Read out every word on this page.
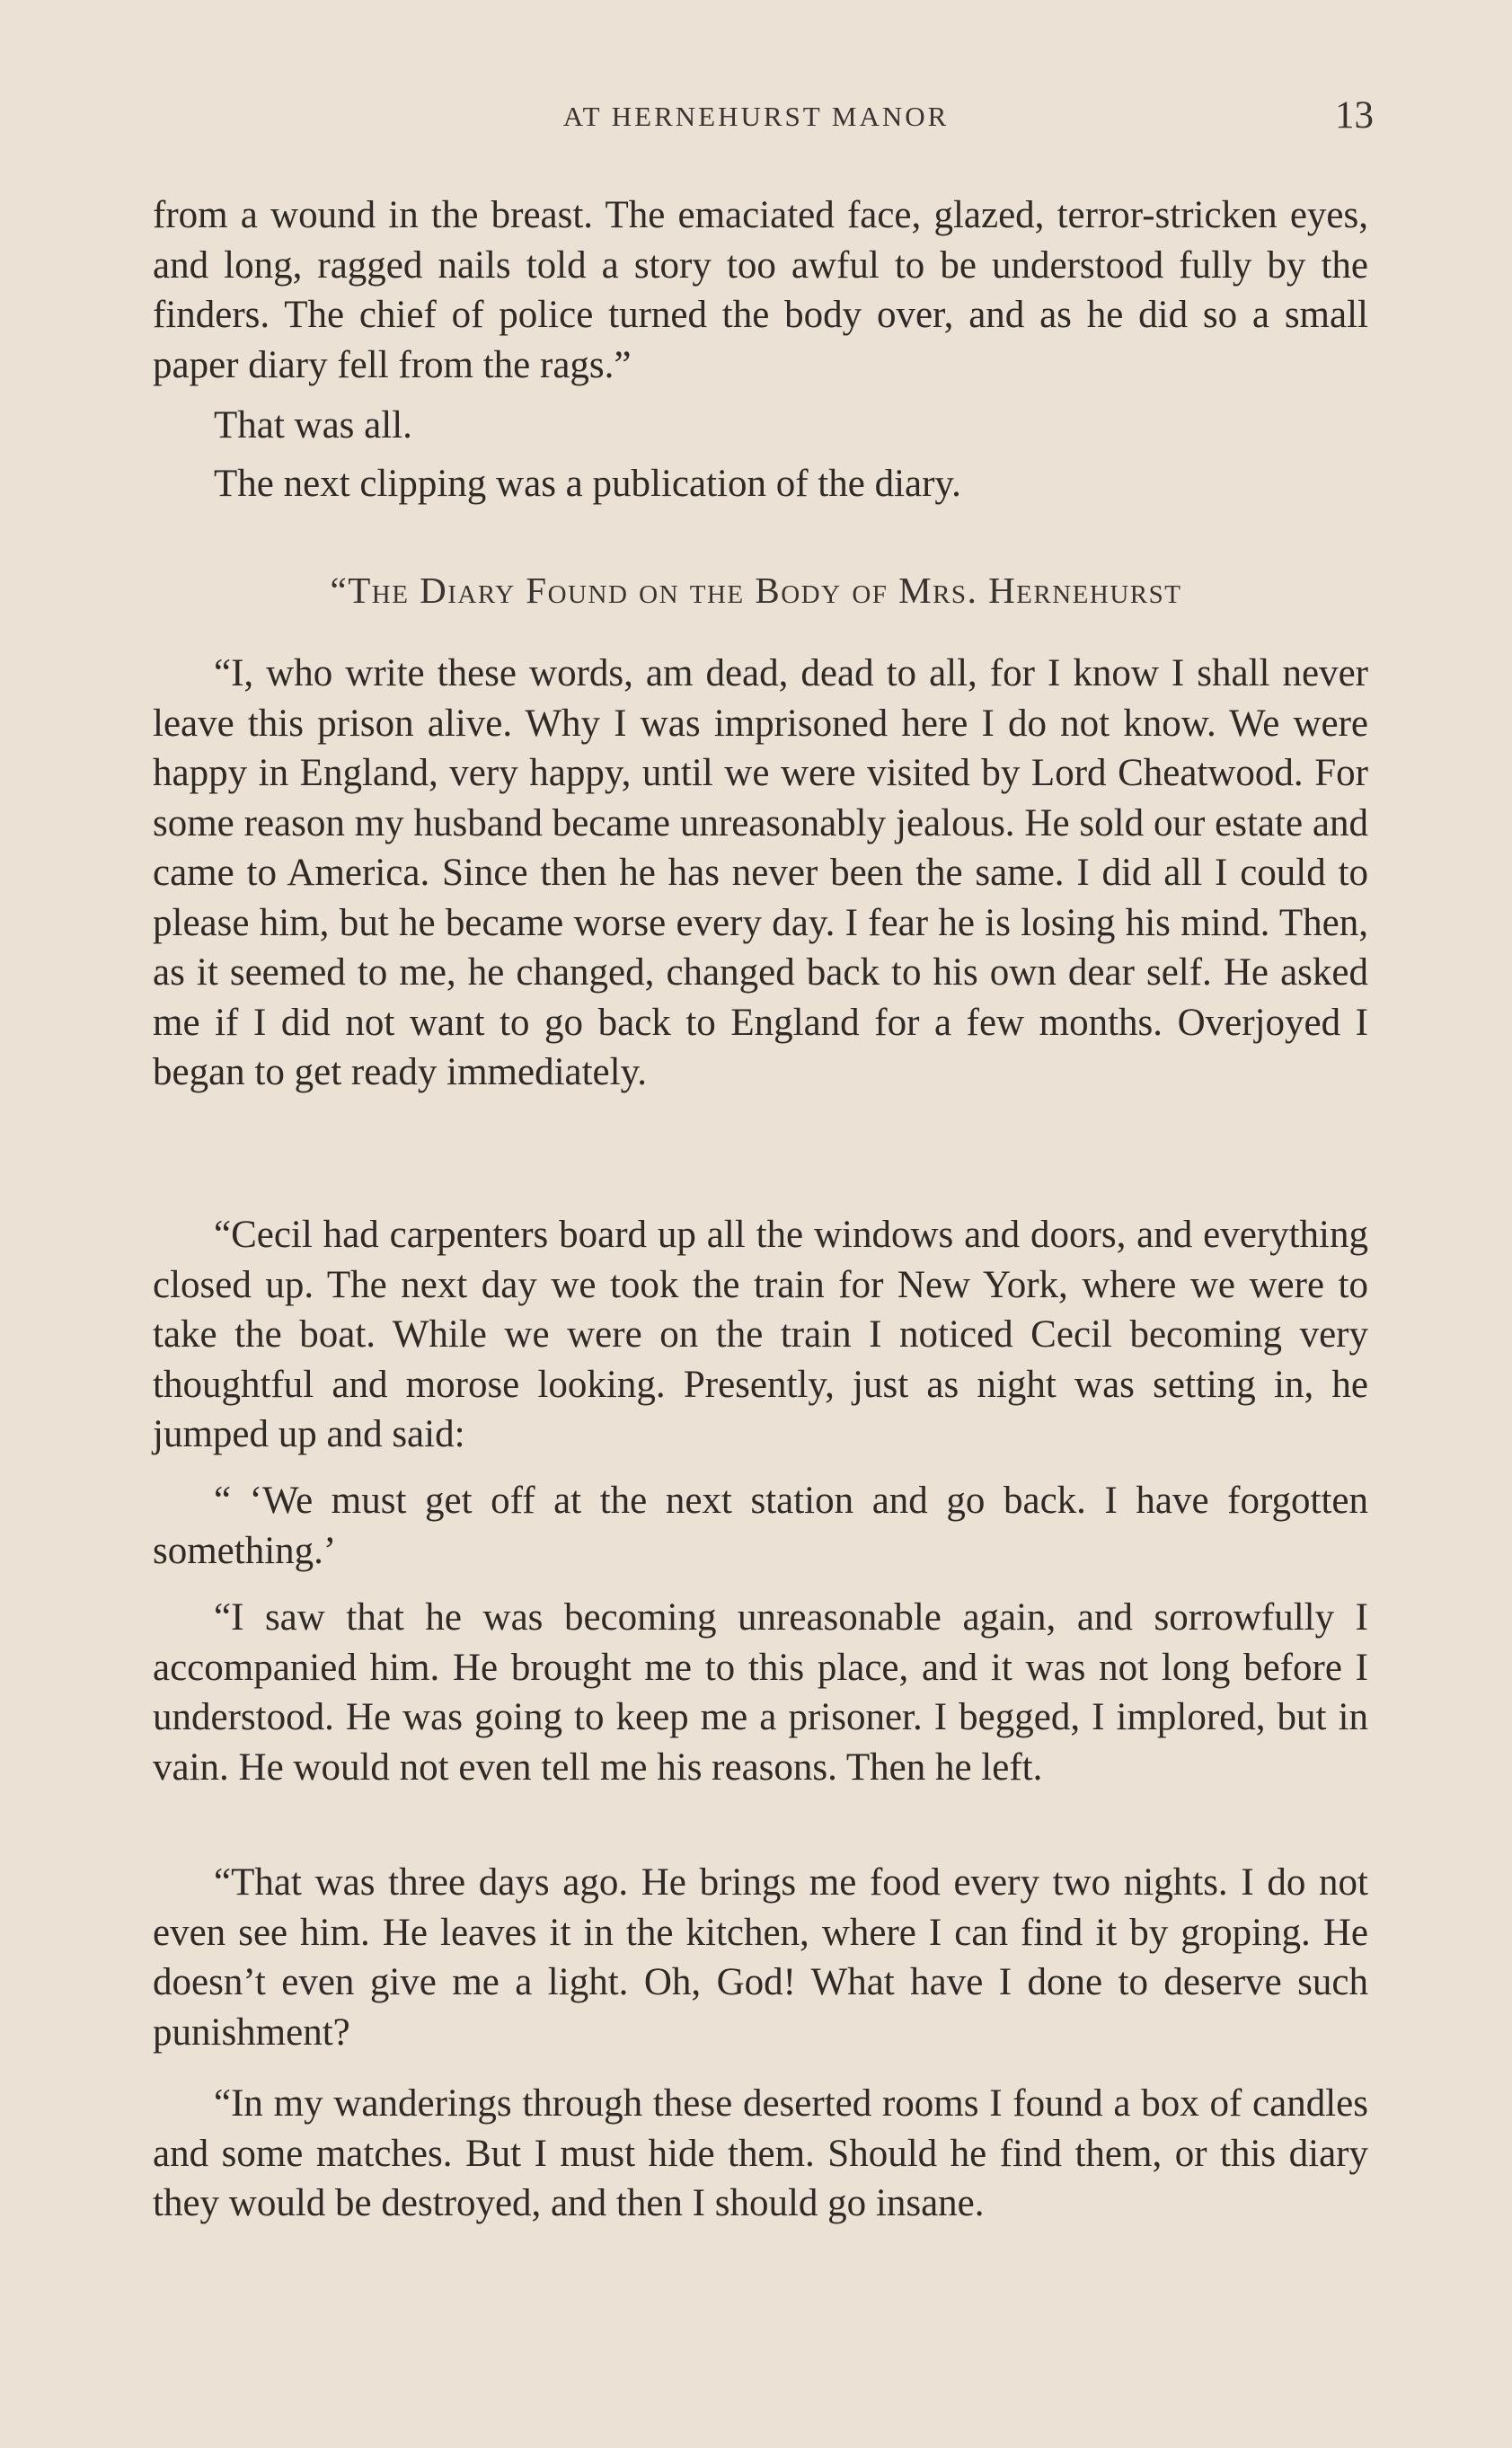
AT HERNEHURST MANOR	13

from a wound in the breast. The emaciated face, glazed, terror-stricken eyes, and long, ragged nails told a story too awful to be understood fully by the finders. The chief of police turned the body over, and as he did so a small paper diary fell from the rags.”

That was all.

The next clipping was a publication of the diary.

“The Diary Found on the Body of Mrs. Hernehurst

“I, who write these words, am dead, dead to all, for I know I shall never leave this prison alive. Why I was imprisoned here I do not know. We were happy in England, very happy, until we were visited by Lord Cheatwood. For some reason my husband became unreasonably jealous. He sold our estate and came to America. Since then he has never been the same. I did all I could to please him, but he became worse every day. I fear he is losing his mind. Then, as it seemed to me, he changed, changed back to his own dear self. He asked me if I did not want to go back to England for a few months. Overjoyed I began to get ready immediately.

“Cecil had carpenters board up all the windows and doors, and everything closed up. The next day we took the train for New York, where we were to take the boat. While we were on the train I noticed Cecil becoming very thoughtful and morose looking. Presently, just as night was setting in, he jumped up and said:

“ ‘We must get off at the next station and go back. I have forgotten something.’

“I saw that he was becoming unreasonable again, and sorrowfully I accompanied him. He brought me to this place, and it was not long before I understood. He was going to keep me a prisoner. I begged, I implored, but in vain. He would not even tell me his reasons. Then he left.

“That was three days ago. He brings me food every two nights. I do not even see him. He leaves it in the kitchen, where I can find it by groping. He doesn’t even give me a light. Oh, God! What have I done to deserve such punishment?

“In my wanderings through these deserted rooms I found a box of candles and some matches. But I must hide them. Should he find them, or this diary they would be destroyed, and then I should go insane.
